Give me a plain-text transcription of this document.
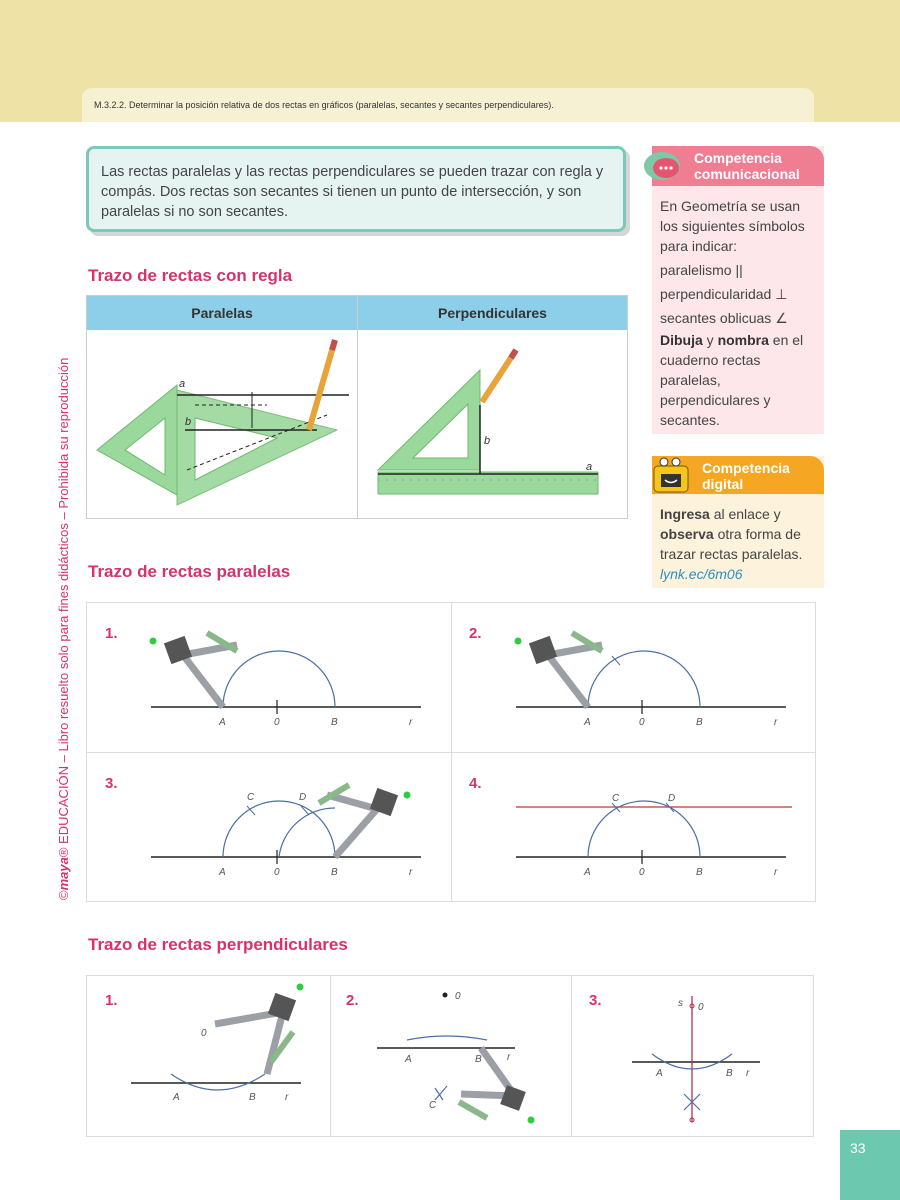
M.3.2.2. Determinar la posición relativa de dos rectas en gráficos (paralelas, secantes y secantes perpendiculares).
©maya® EDUCACIÓN – Libro resuelto solo para fines didácticos – Prohibida su reproducción
Las rectas paralelas y las rectas perpendiculares se pueden trazar con regla y compás. Dos rectas son secantes si tienen un punto de intersección, y son paralelas si no son secantes.
Trazo de rectas con regla
Paralelas	Perpendiculares
a
b
b
a
Trazo de rectas paralelas
1.
A	0	B	r
2.
A	0	B	r
3.
C	D
A	0	B	r
4.
C	D
A	0	B	r
Trazo de rectas perpendiculares
1.
0
A	B	r
2.	0
A	B	r
C
3.	s 0
A	B r
Competencia
comunicacional
En Geometría se usan los siguientes símbolos para indicar:
paralelismo ||
perpendicularidad ⊥
secantes oblicuas ∠
Dibuja y nombra en el cuaderno rectas paralelas, perpendiculares y secantes.
Competencia
digital
Ingresa al enlace y observa otra forma de trazar rectas paralelas.
lynk.ec/6m06
33
